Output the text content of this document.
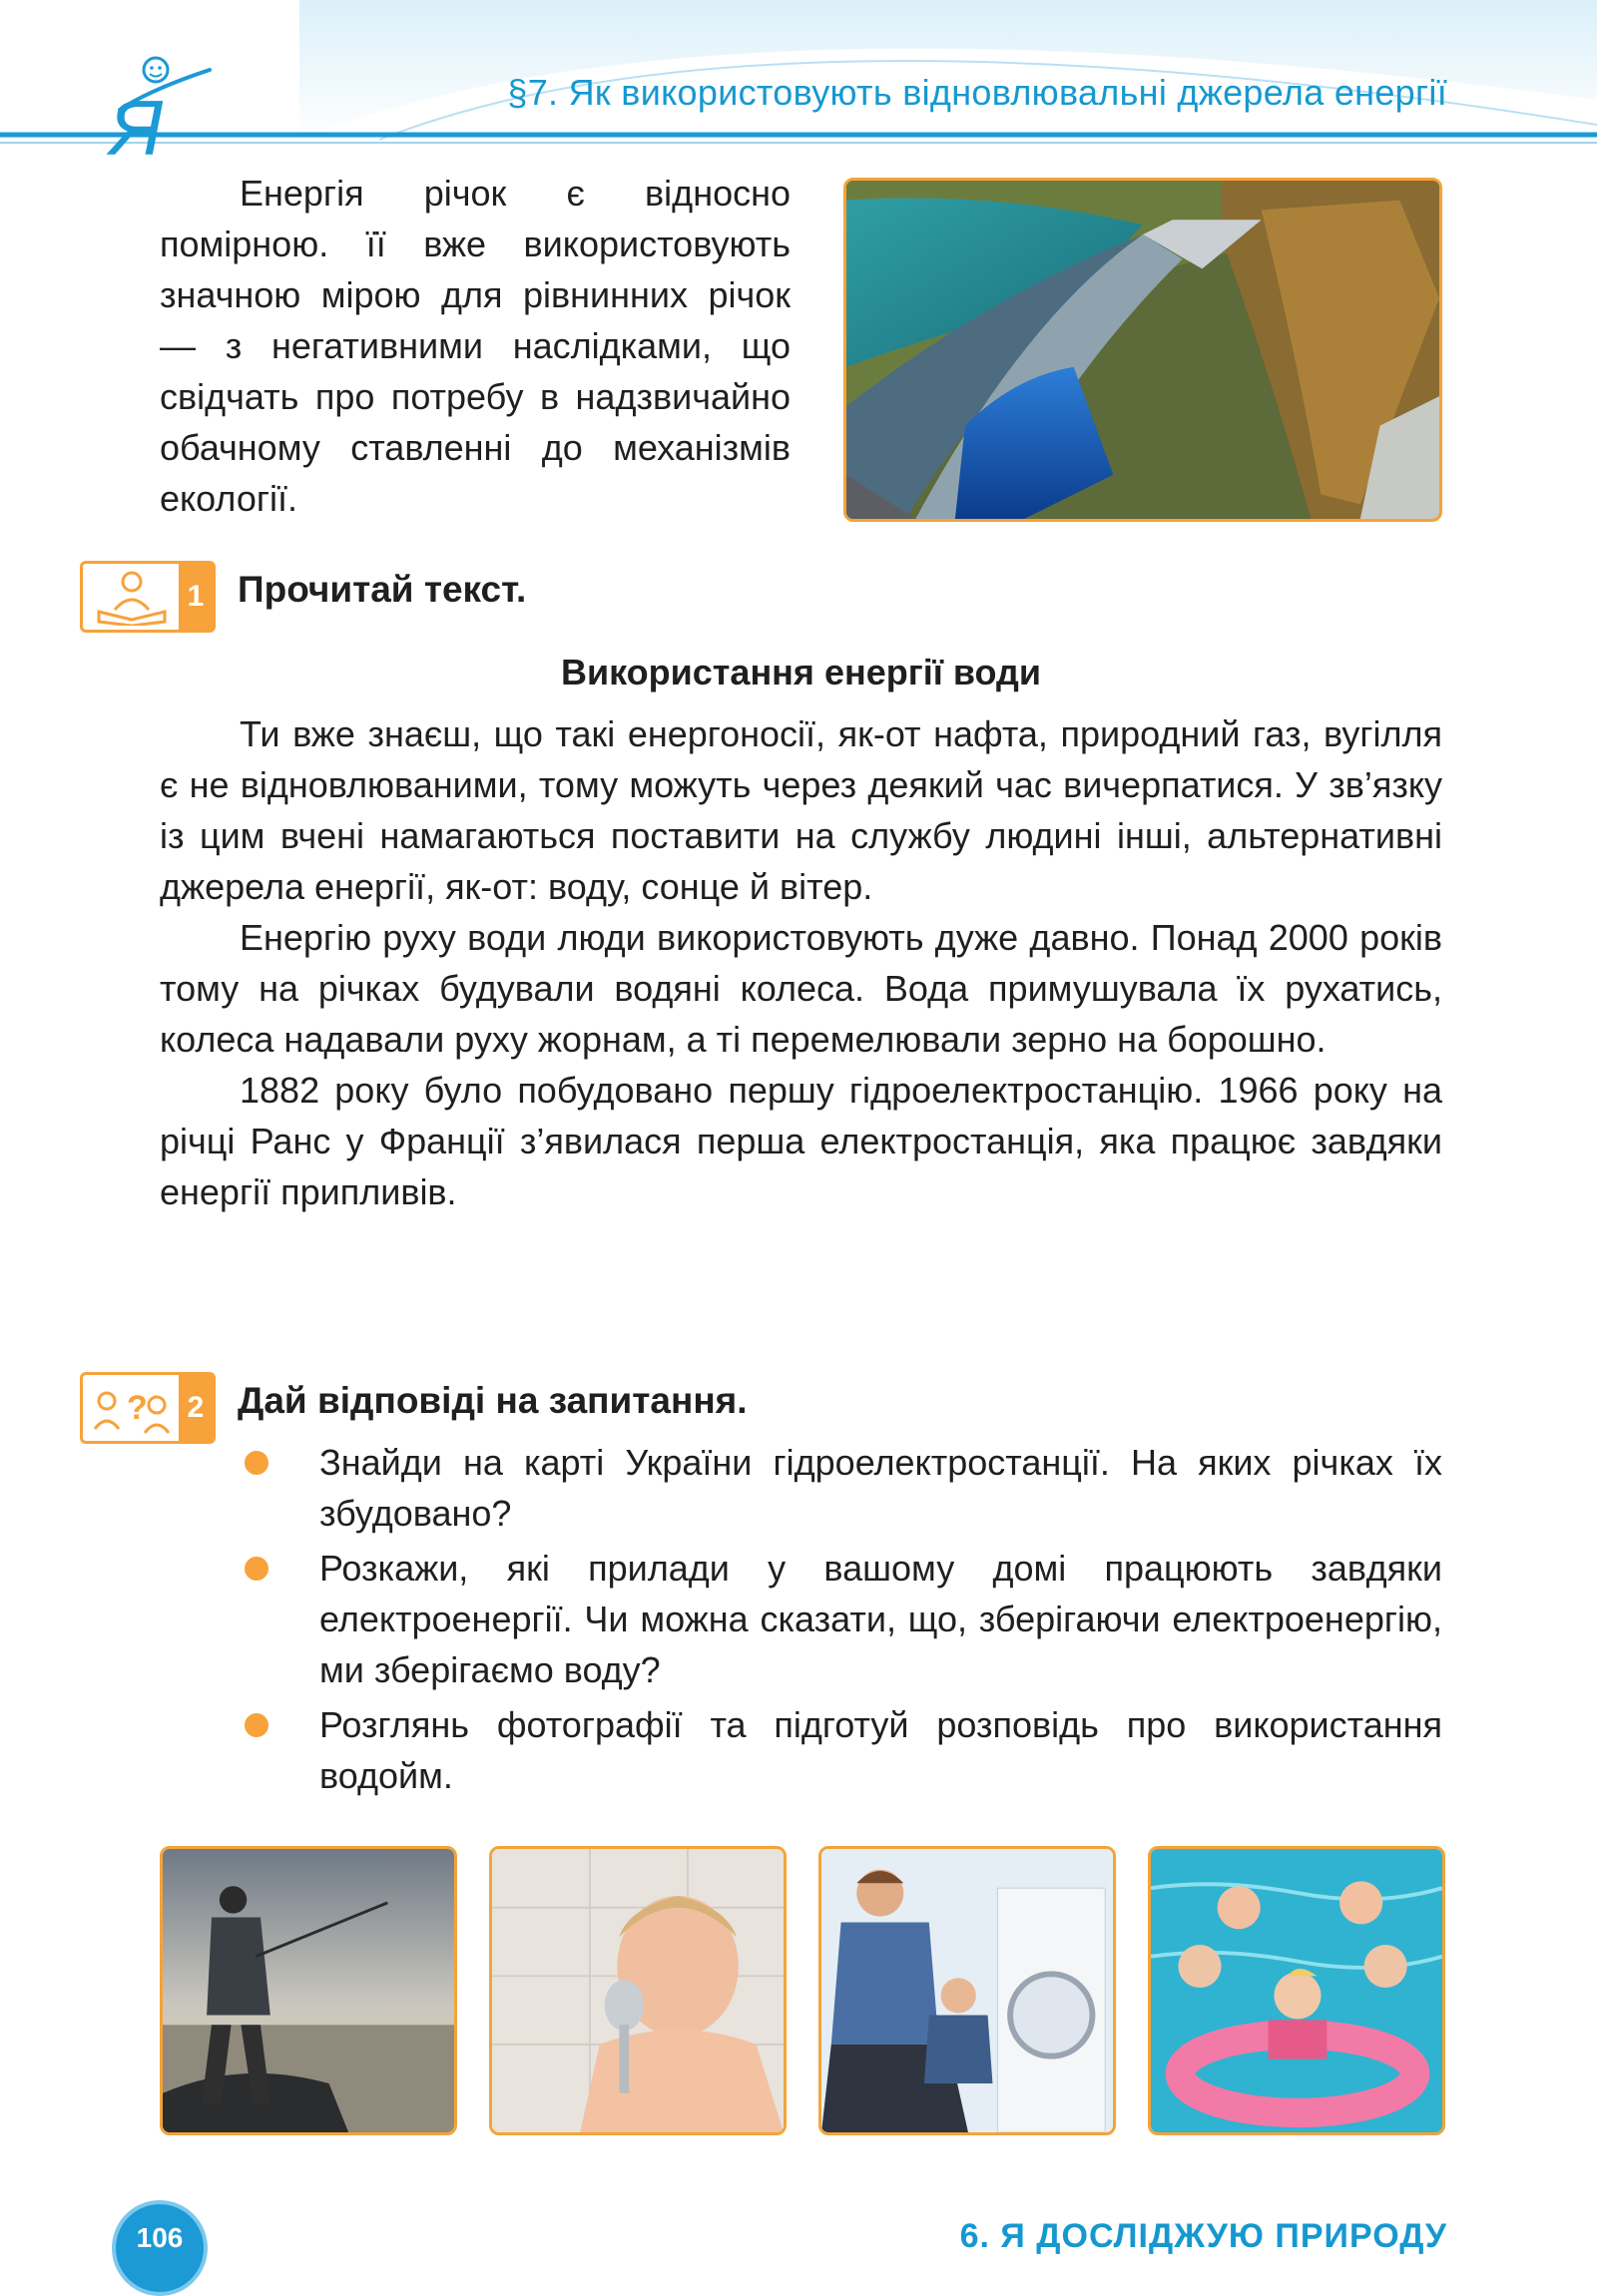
Я	§7. Як використовують відновлювальні джерела енергії

Енергія річок є відносно помірною. її вже використовують значною мірою для рівнинних річок — з негативними наслідками, що свідчать про потребу в надзвичайно обачному ставленні до механізмів екології.

1 Прочитай текст.
Використання енергії води

Ти вже знаєш, що такі енергоносії, як-от нафта, природний газ, вугілля є не відновлюваними, тому можуть через деякий час вичерпатися. У зв’язку із цим вчені намагаються поставити на службу людині інші, альтернативні джерела енергії, як-от: воду, сонце й вітер.

Енергію руху води люди використовують дуже давно. Понад 2000 років тому на річках будували водяні колеса. Вода примушувала їх рухатись, колеса надавали руху жорнам, а ті перемелювали зерно на борошно.

1882 року було побудовано першу гідроелектростанцію. 1966 року на річці Ранс у Франції з’явилася перша електростанція, яка працює завдяки енергії припливів.

? 2 Дай відповіді на запитання.
Знайди на карті України гідроелектростанції. На яких річках їх збудовано?
Розкажи, які прилади у вашому домі працюють завдяки електроенергії. Чи можна сказати, що, зберігаючи електроенергію, ми зберігаємо воду?
Розглянь фотографії та підготуй розповідь про використання водойм.
106	6. Я ДОСЛІДЖУЮ ПРИРОДУ
